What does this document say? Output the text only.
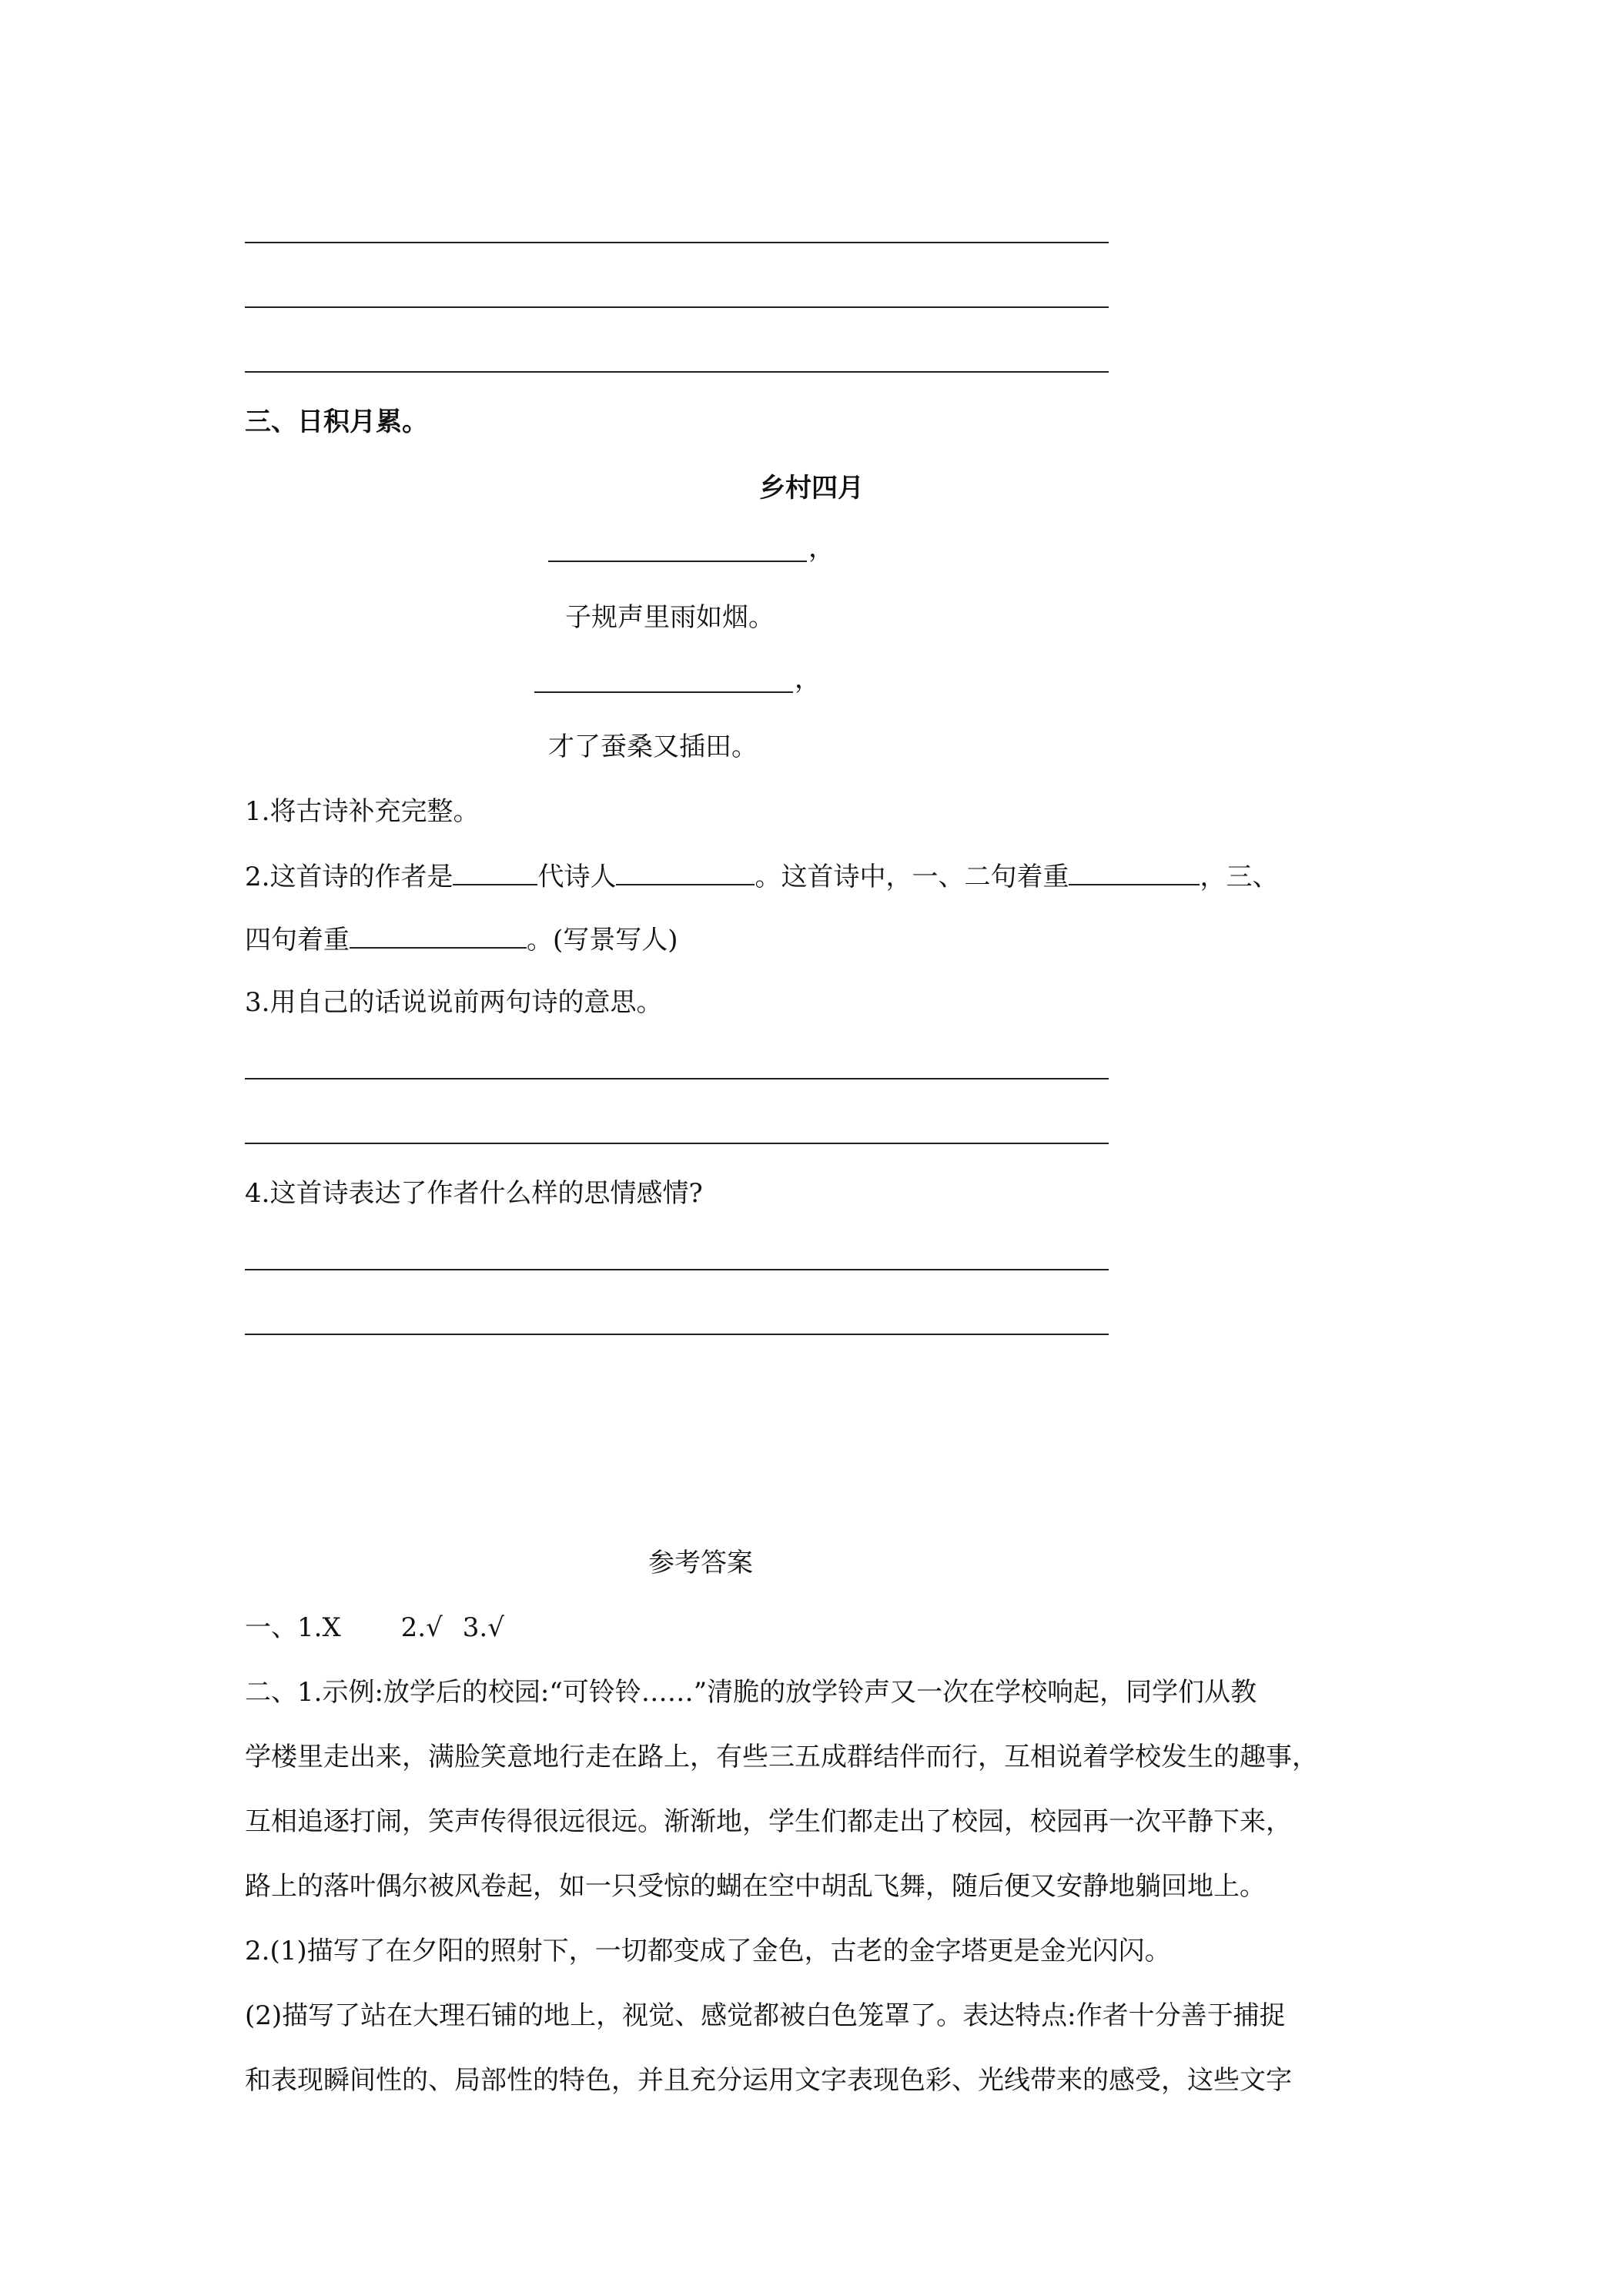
三、日积月累。
乡村四月
，
子规声里雨如烟。
，
才了蚕桑又插田。
1.将古诗补充完整。
2.这首诗的作者是	代诗人	。这首诗中，一、二句着重	，三、
四句着重	。(写景写人)
3.用自己的话说说前两句诗的意思。
4.这首诗表达了作者什么样的思情感情?
参考答案
一、1.X 2.√ 3.√
二、1.示例:放学后的校园:“可铃铃……”清脆的放学铃声又一次在学校响起，同学们从教
学楼里走出来，满脸笑意地行走在路上，有些三五成群结伴而行，互相说着学校发生的趣事，
互相追逐打闹，笑声传得很远很远。渐渐地，学生们都走出了校园，校园再一次平静下来，
路上的落叶偶尔被风卷起，如一只受惊的蝴在空中胡乱飞舞，随后便又安静地躺回地上。
2.(1)描写了在夕阳的照射下，一切都变成了金色，古老的金字塔更是金光闪闪。
(2)描写了站在大理石铺的地上，视觉、感觉都被白色笼罩了。表达特点:作者十分善于捕捉
和表现瞬间性的、局部性的特色，并且充分运用文字表现色彩、光线带来的感受，这些文字
